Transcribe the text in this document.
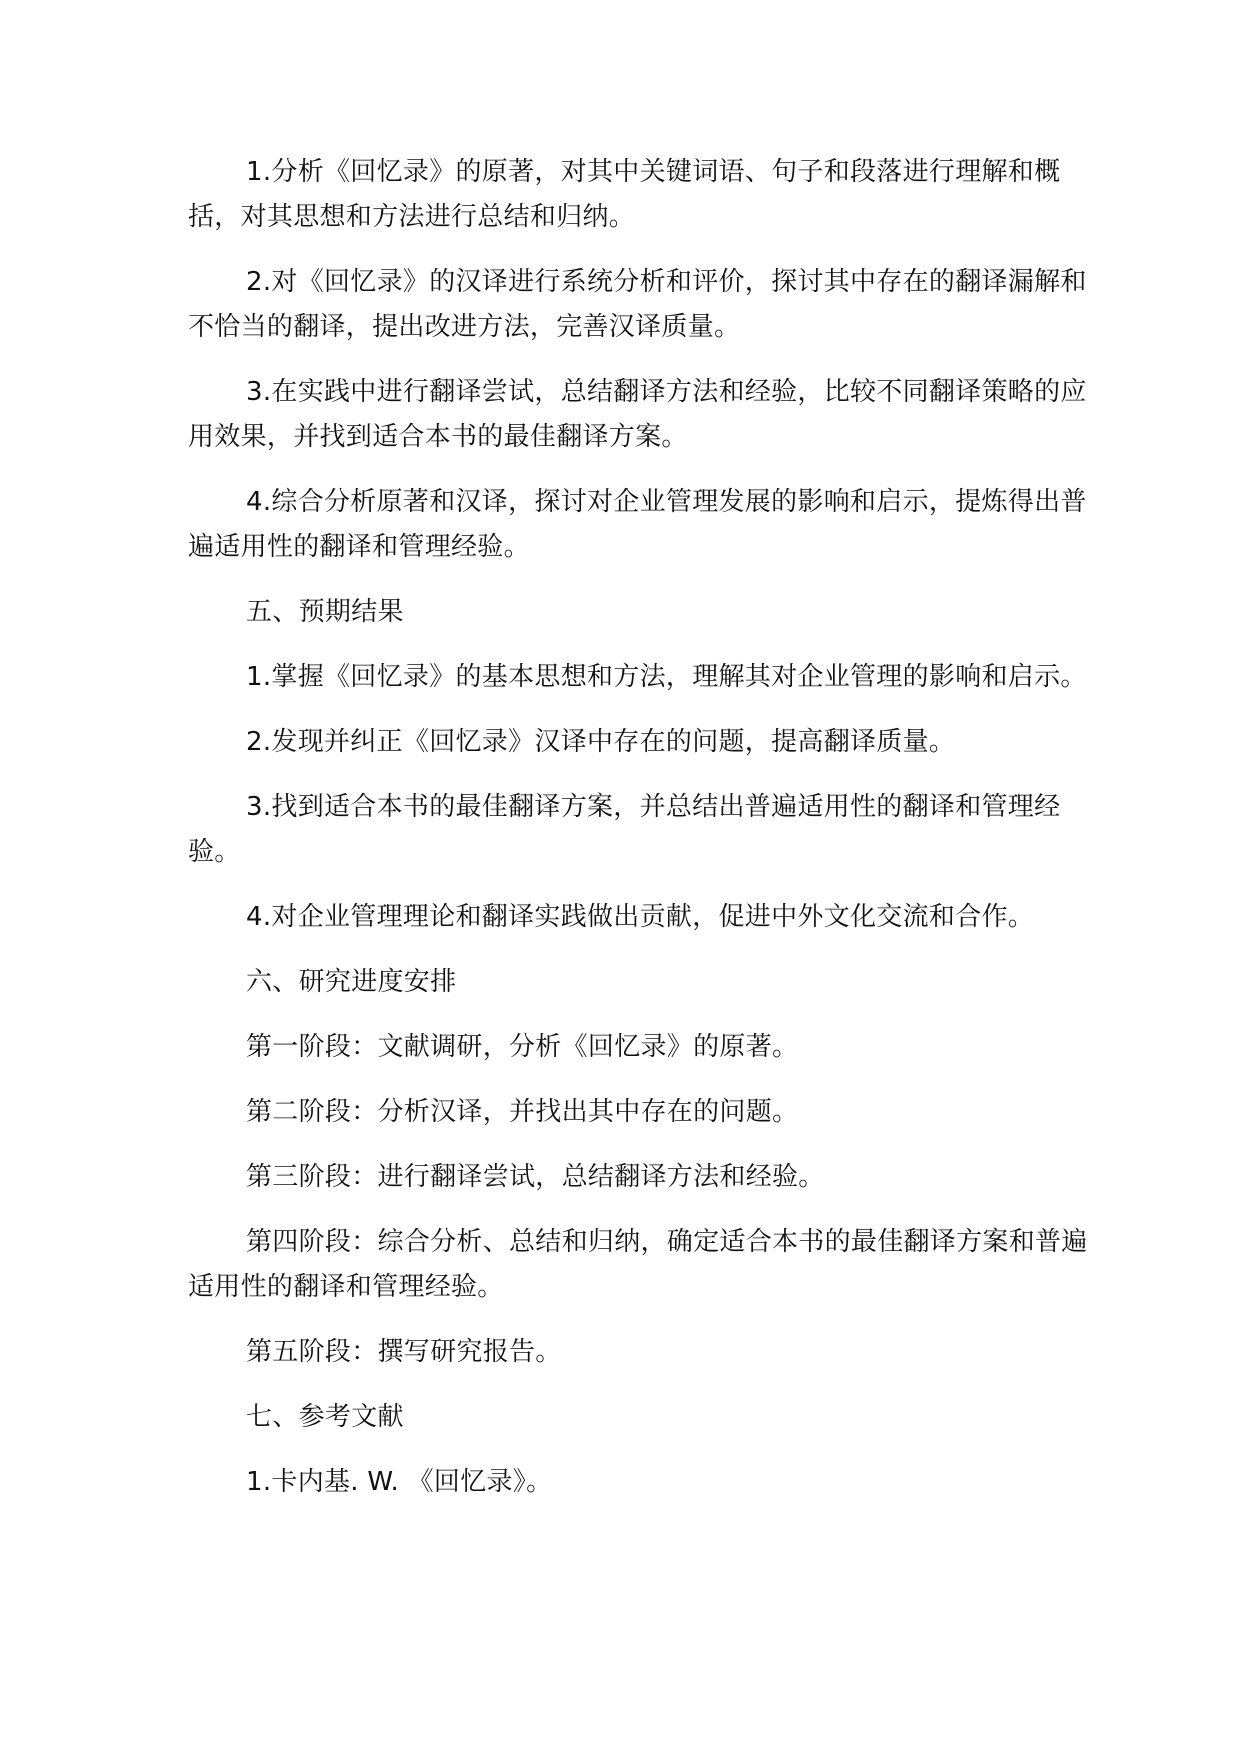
1.分析《回忆录》的原著，对其中关键词语、句子和段落进行理解和概括，对其思想和方法进行总结和归纳。

2.对《回忆录》的汉译进行系统分析和评价，探讨其中存在的翻译漏解和不恰当的翻译，提出改进方法，完善汉译质量。

3.在实践中进行翻译尝试，总结翻译方法和经验，比较不同翻译策略的应用效果，并找到适合本书的最佳翻译方案。

4.综合分析原著和汉译，探讨对企业管理发展的影响和启示，提炼得出普遍适用性的翻译和管理经验。

五、预期结果

1.掌握《回忆录》的基本思想和方法，理解其对企业管理的影响和启示。

2.发现并纠正《回忆录》汉译中存在的问题，提高翻译质量。

3.找到适合本书的最佳翻译方案，并总结出普遍适用性的翻译和管理经验。

4.对企业管理理论和翻译实践做出贡献，促进中外文化交流和合作。

六、研究进度安排

第一阶段：文献调研，分析《回忆录》的原著。

第二阶段：分析汉译，并找出其中存在的问题。

第三阶段：进行翻译尝试，总结翻译方法和经验。

第四阶段：综合分析、总结和归纳，确定适合本书的最佳翻译方案和普遍适用性的翻译和管理经验。

第五阶段：撰写研究报告。

七、参考文献

1.卡内基. W. 《回忆录》。
